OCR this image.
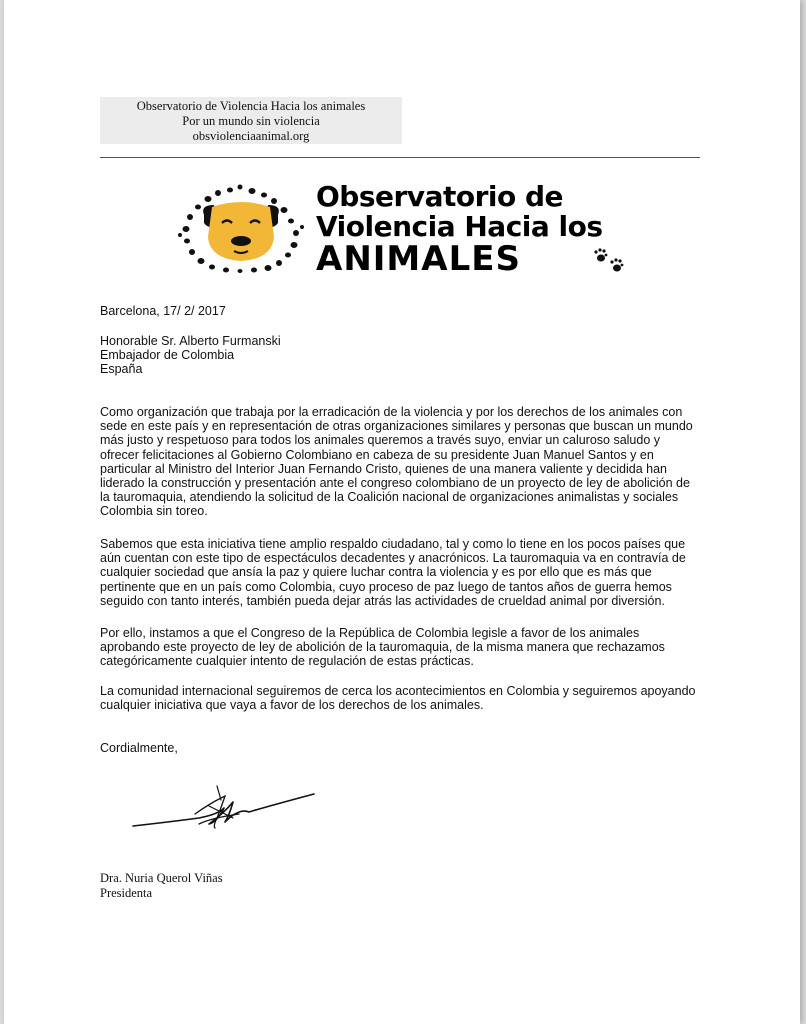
Observatorio de Violencia Hacia los animales
Por un mundo sin violencia
obsviolenciaanimal.org
Observatorio de
Violencia Hacia los
ANIMALES
Barcelona, 17/ 2/ 2017
Honorable Sr. Alberto Furmanski
Embajador de Colombia
España
Como organización que trabaja por la erradicación de la violencia y por los derechos de los animales con
sede en este país y en representación de otras organizaciones similares y personas que buscan un mundo
más justo y respetuoso para todos los animales queremos a través suyo, enviar un caluroso saludo y
ofrecer felicitaciones al Gobierno Colombiano en cabeza de su presidente Juan Manuel Santos y en
particular al Ministro del Interior Juan Fernando Cristo, quienes de una manera valiente y decidida han
liderado la construcción y presentación ante el congreso colombiano de un proyecto de ley de abolición de
la tauromaquia, atendiendo la solicitud de la Coalición nacional de organizaciones animalistas y sociales
Colombia sin toreo.
Sabemos que esta iniciativa tiene amplio respaldo ciudadano, tal y como lo tiene en los pocos países que
aún cuentan con este tipo de espectáculos decadentes y anacrónicos. La tauromaquia va en contravía de
cualquier sociedad que ansía la paz y quiere luchar contra la violencia y es por ello que es más que
pertinente que en un país como Colombia, cuyo proceso de paz luego de tantos años de guerra hemos
seguido con tanto interés, también pueda dejar atrás las actividades de crueldad animal por diversión.
Por ello, instamos a que el Congreso de la República de Colombia legisle a favor de los animales
aprobando este proyecto de ley de abolición de la tauromaquia, de la misma manera que rechazamos
categóricamente cualquier intento de regulación de estas prácticas.
La comunidad internacional seguiremos de cerca los acontecimientos en Colombia y seguiremos apoyando
cualquier iniciativa que vaya a favor de los derechos de los animales.
Cordialmente,
Dra. Nuria Querol Viñas
Presidenta
